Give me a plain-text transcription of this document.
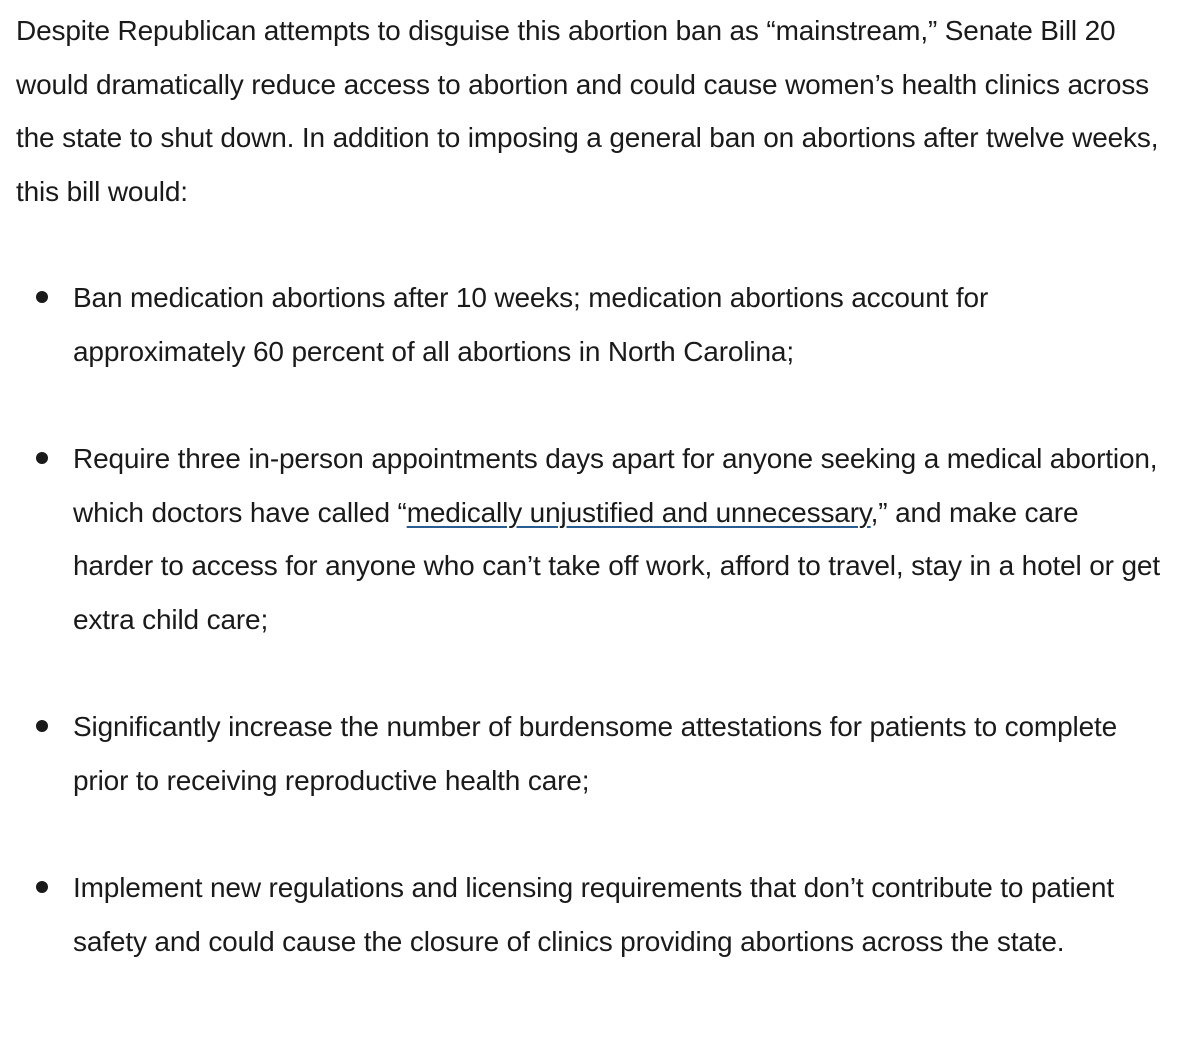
Despite Republican attempts to disguise this abortion ban as “mainstream,” Senate Bill 20 would dramatically reduce access to abortion and could cause women’s health clinics across the state to shut down. In addition to imposing a general ban on abortions after twelve weeks, this bill would:

Ban medication abortions after 10 weeks; medication abortions account for approximately 60 percent of all abortions in North Carolina;
Require three in-person appointments days apart for anyone seeking a medical abortion, which doctors have called “medically unjustified and unnecessary,” and make care harder to access for anyone who can’t take off work, afford to travel, stay in a hotel or get extra child care;
Significantly increase the number of burdensome attestations for patients to complete prior to receiving reproductive health care;
Implement new regulations and licensing requirements that don’t contribute to patient safety and could cause the closure of clinics providing abortions across the state.
